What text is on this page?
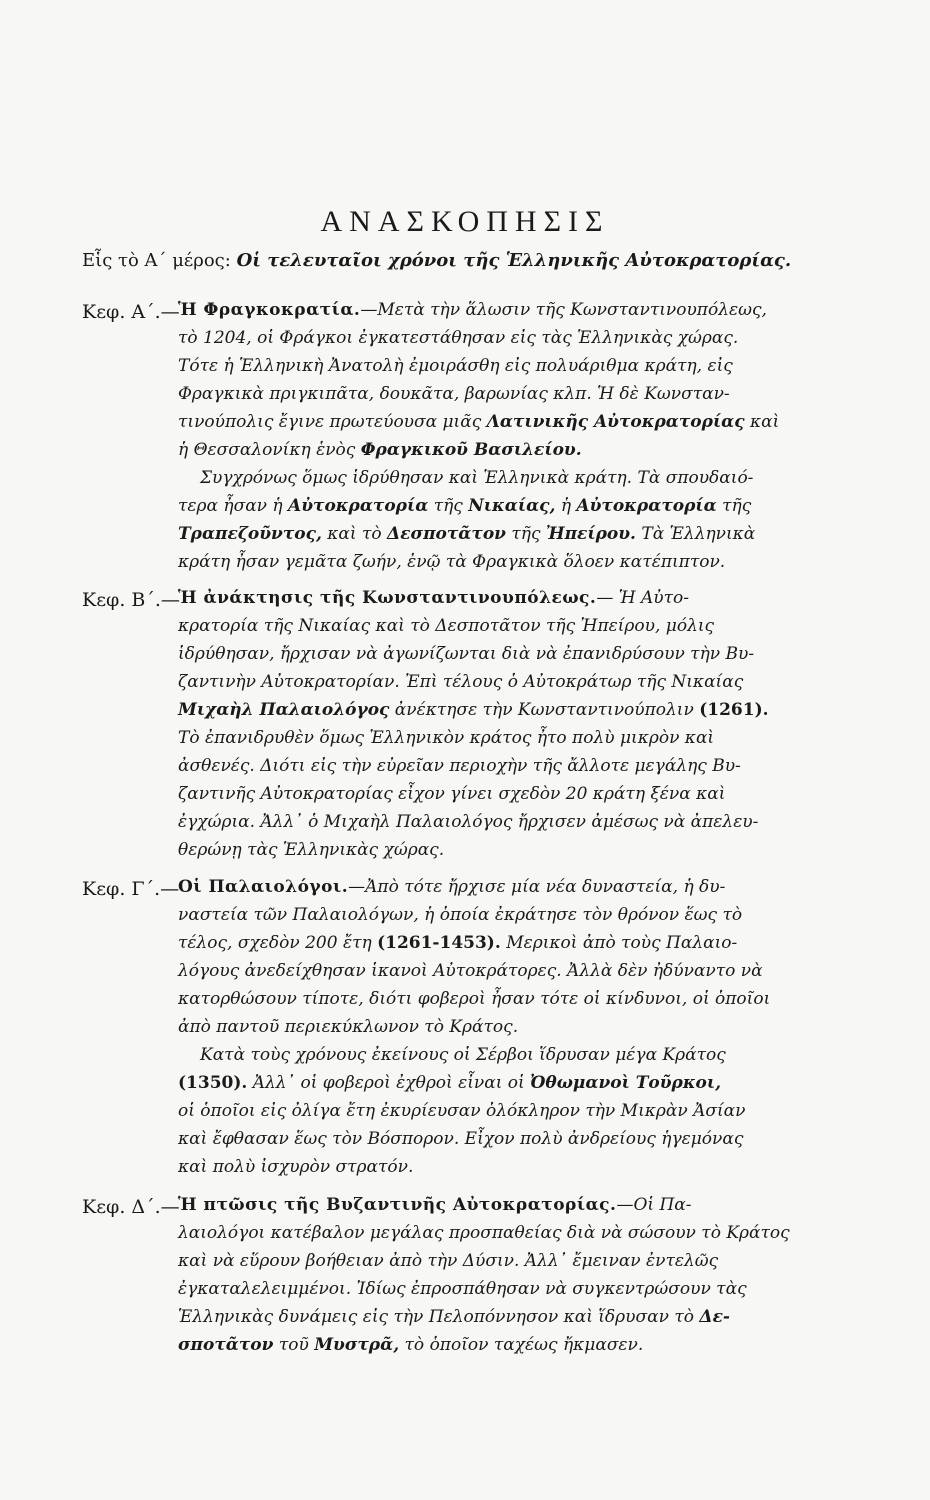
ΑΝΑΣΚΟΠΗΣΙΣ
Εἷς τὸ Α΄ μέρος: Οἱ τελευταῖοι χρόνοι τῆς Ἑλληνικῆς Αὐτοκρατορίας.
Κεφ. Α΄.—
Ἡ Φραγκοκρατία.—Μετὰ τὴν ἅλωσιν τῆς Κωνσταντινουπόλεως,
τὸ 1204, οἱ Φράγκοι ἐγκατεστάθησαν εἰς τὰς Ἑλληνικὰς χώρας.
Τότε ἡ Ἑλληνικὴ Ἀνατολὴ ἐμοιράσθη εἰς πολυάριθμα κράτη, εἰς
Φραγκικὰ πριγκιπᾶτα, δουκᾶτα, βαρωνίας κλπ. Ἡ δὲ Κωνσταν-
τινούπολις ἔγινε πρωτεύουσα μιᾶς Λατινικῆς Αὐτοκρατορίας καὶ
ἡ Θεσσαλονίκη ἑνὸς Φραγκικοῦ Βασιλείου.
Συγχρόνως ὅμως ἱδρύθησαν καὶ Ἑλληνικὰ κράτη. Τὰ σπουδαιό-
τερα ἦσαν ἡ Αὐτοκρατορία τῆς Νικαίας, ἡ Αὐτοκρατορία τῆς
Τραπεζοῦντος, καὶ τὸ Δεσποτᾶτον τῆς Ἠπείρου. Τὰ Ἑλληνικὰ
κράτη ἦσαν γεμᾶτα ζωήν, ἐνῷ τὰ Φραγκικὰ ὅλοεν κατέπιπτον.
Κεφ. Β΄.—
Ἡ ἀνάκτησις τῆς Κωνσταντινουπόλεως.— Ἡ Αὐτο-
κρατορία τῆς Νικαίας καὶ τὸ Δεσποτᾶτον τῆς Ἠπείρου, μόλις
ἱδρύθησαν, ἤρχισαν νὰ ἀγωνίζωνται διὰ νὰ ἐπανιδρύσουν τὴν Βυ-
ζαντινὴν Αὐτοκρατορίαν. Ἐπὶ τέλους ὁ Αὐτοκράτωρ τῆς Νικαίας
Μιχαὴλ Παλαιολόγος ἀνέκτησε τὴν Κωνσταντινούπολιν (1261).
Τὸ ἐπανιδρυθὲν ὅμως Ἑλληνικὸν κράτος ἦτο πολὺ μικρὸν καὶ
ἀσθενές. Διότι εἰς τὴν εὐρεῖαν περιοχὴν τῆς ἄλλοτε μεγάλης Βυ-
ζαντινῆς Αὐτοκρατορίας εἶχον γίνει σχεδὸν 20 κράτη ξένα καὶ
ἐγχώρια. Ἀλλ᾽ ὁ Μιχαὴλ Παλαιολόγος ἤρχισεν ἀμέσως νὰ ἀπελευ-
θερώνῃ τὰς Ἑλληνικὰς χώρας.
Κεφ. Γ΄.—
Οἱ Παλαιολόγοι.—Ἀπὸ τότε ἤρχισε μία νέα δυναστεία, ἡ δυ-
ναστεία τῶν Παλαιολόγων, ἡ ὁποία ἐκράτησε τὸν θρόνον ἕως τὸ
τέλος, σχεδὸν 200 ἔτη (1261-1453). Μερικοὶ ἀπὸ τοὺς Παλαιο-
λόγους ἀνεδείχθησαν ἱκανοὶ Αὐτοκράτορες. Ἀλλὰ δὲν ἠδύναντο νὰ
κατορθώσουν τίποτε, διότι φοβεροὶ ἦσαν τότε οἱ κίνδυνοι, οἱ ὁποῖοι
ἀπὸ παντοῦ περιεκύκλωνον τὸ Κράτος.
Κατὰ τοὺς χρόνους ἐκείνους οἱ Σέρβοι ἵδρυσαν μέγα Κράτος
(1350). Ἀλλ᾽ οἱ φοβεροὶ ἐχθροὶ εἶναι οἱ Ὀθωμανοὶ Τοῦρκοι,
οἱ ὁποῖοι εἰς ὀλίγα ἔτη ἐκυρίευσαν ὁλόκληρον τὴν Μικρὰν Ἀσίαν
καὶ ἔφθασαν ἕως τὸν Βόσπορον. Εἶχον πολὺ ἀνδρείους ἡγεμόνας
καὶ πολὺ ἰσχυρὸν στρατόν.
Κεφ. Δ΄.—
Ἡ πτῶσις τῆς Βυζαντινῆς Αὐτοκρατορίας.—Οἱ Πα-
λαιολόγοι κατέβαλον μεγάλας προσπαθείας διὰ νὰ σώσουν τὸ Κράτος
καὶ νὰ εὕρουν βοήθειαν ἀπὸ τὴν Δύσιν. Ἀλλ᾽ ἔμειναν ἐντελῶς
ἐγκαταλελειμμένοι. Ἰδίως ἐπροσπάθησαν νὰ συγκεντρώσουν τὰς
Ἑλληνικὰς δυνάμεις εἰς τὴν Πελοπόννησον καὶ ἵδρυσαν τὸ Δε-
σποτᾶτον τοῦ Μυστρᾶ, τὸ ὁποῖον ταχέως ἤκμασεν.
